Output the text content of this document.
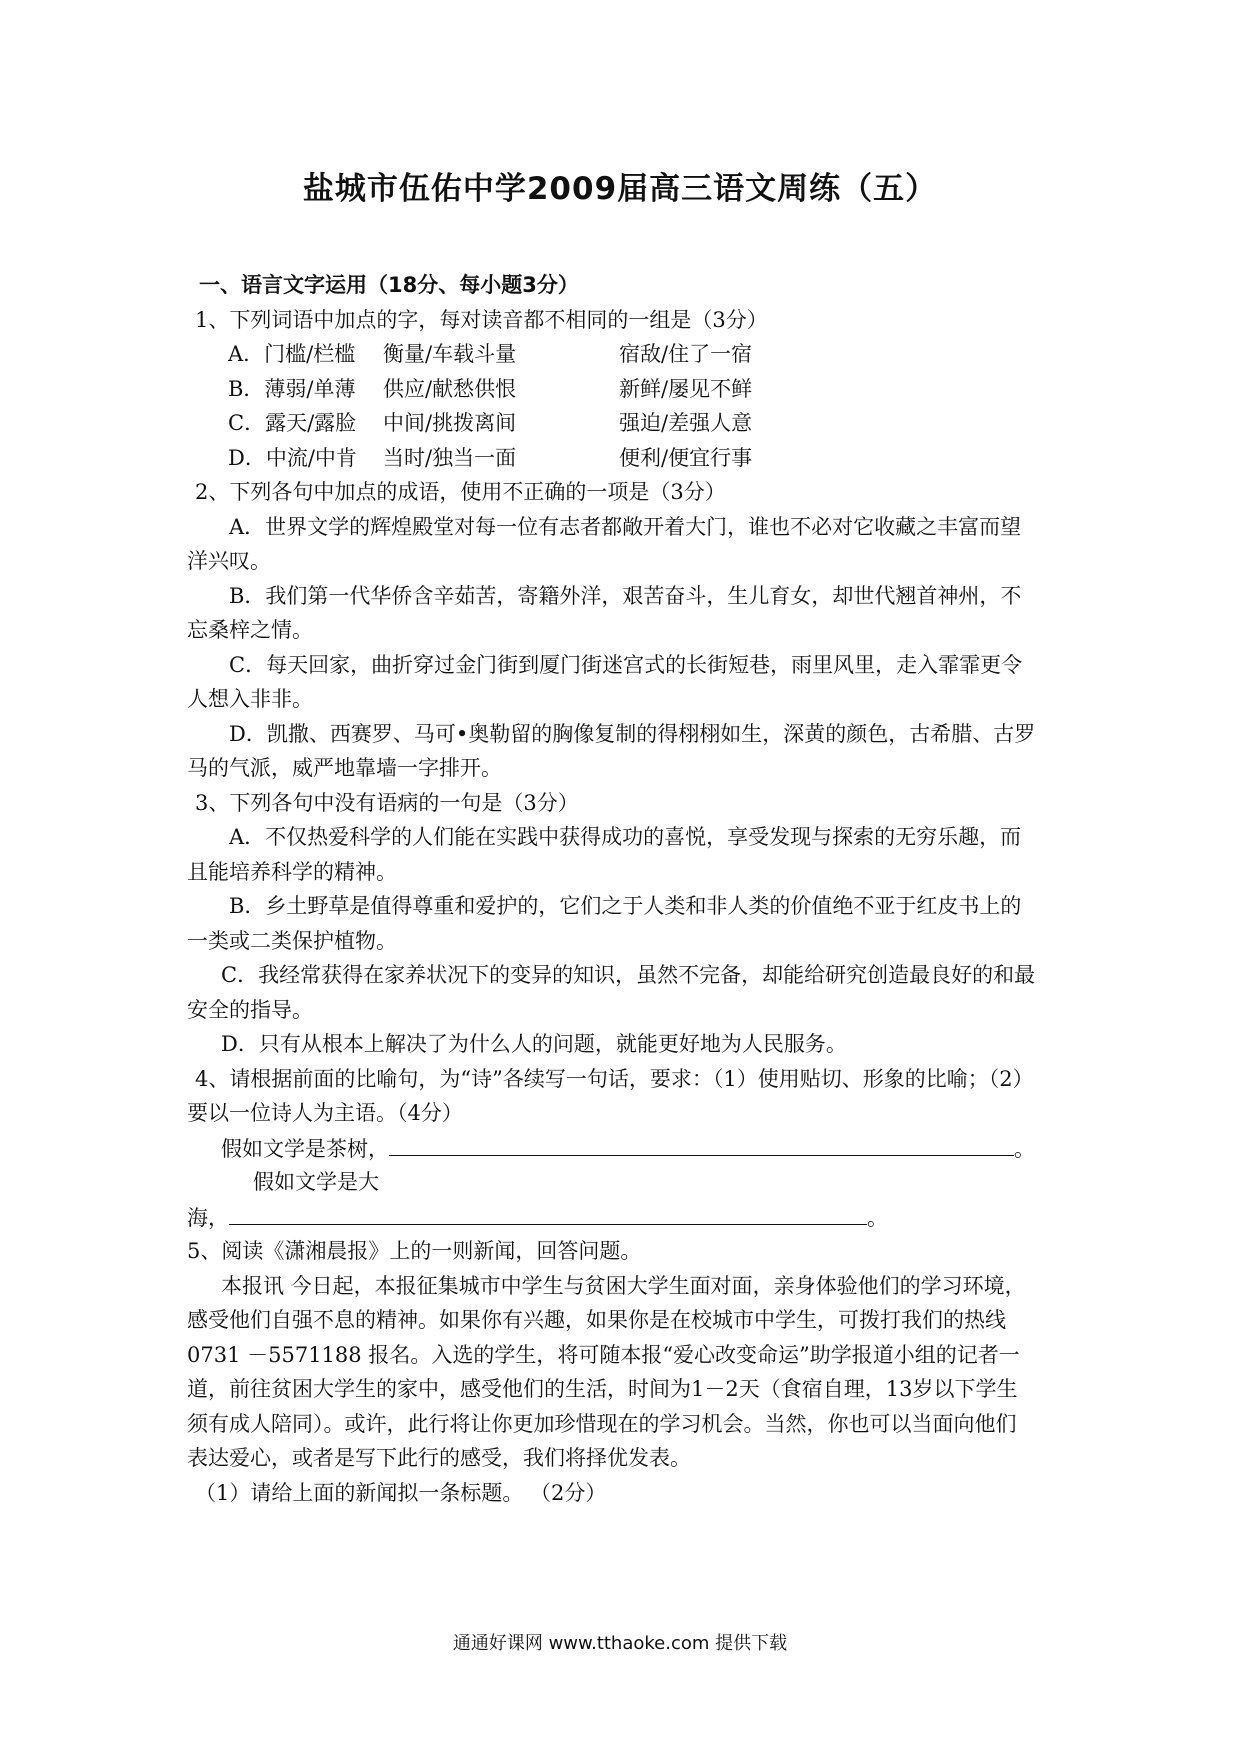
盐城市伍佑中学2009届高三语文周练（五）
一、语言文字运用（18分、每小题3分）
1、下列词语中加点的字，每对读音都不相同的一组是（3分）
A．门槛/栏槛	衡量/车载斗量	宿敌/住了一宿
B．薄弱/单薄	供应/献愁供恨	新鲜/屡见不鲜
C．露天/露脸	中间/挑拨离间	强迫/差强人意
D．中流/中肯	当时/独当一面	便利/便宜行事
2、下列各句中加点的成语，使用不正确的一项是（3分）
A．世界文学的辉煌殿堂对每一位有志者都敞开着大门，谁也不必对它收藏之丰富而望
洋兴叹。
B．我们第一代华侨含辛茹苦，寄籍外洋，艰苦奋斗，生儿育女，却世代翘首神州，不
忘桑梓之情。
C．每天回家，曲折穿过金门街到厦门街迷宫式的长街短巷，雨里风里，走入霏霏更令
人想入非非。
D．凯撒、西赛罗、马可•奥勒留的胸像复制的得栩栩如生，深黄的颜色，古希腊、古罗
马的气派，威严地靠墙一字排开。
3、下列各句中没有语病的一句是（3分）
A．不仅热爱科学的人们能在实践中获得成功的喜悦，享受发现与探索的无穷乐趣，而
且能培养科学的精神。
B．乡土野草是值得尊重和爱护的，它们之于人类和非人类的价值绝不亚于红皮书上的
一类或二类保护植物。
C．我经常获得在家养状况下的变异的知识，虽然不完备，却能给研究创造最良好的和最
安全的指导。
D．只有从根本上解决了为什么人的问题，就能更好地为人民服务。
4、请根据前面的比喻句，为“诗”各续写一句话，要求：（1）使用贴切、形象的比喻；（2）
要以一位诗人为主语。（4分）
假如文学是茶树，	。
假如文学是大
海，	。
5、阅读《潇湘晨报》上的一则新闻，回答问题。
本报讯 今日起，本报征集城市中学生与贫困大学生面对面，亲身体验他们的学习环境，
感受他们自强不息的精神。如果你有兴趣，如果你是在校城市中学生，可拨打我们的热线
0731 －5571188 报名。入选的学生，将可随本报“爱心改变命运”助学报道小组的记者一
道，前往贫困大学生的家中，感受他们的生活，时间为1－2天（食宿自理，13岁以下学生
须有成人陪同）。或许，此行将让你更加珍惜现在的学习机会。当然，你也可以当面向他们
表达爱心，或者是写下此行的感受，我们将择优发表。
（1）请给上面的新闻拟一条标题。 （2分）
通通好课网 www.tthaoke.com 提供下载
